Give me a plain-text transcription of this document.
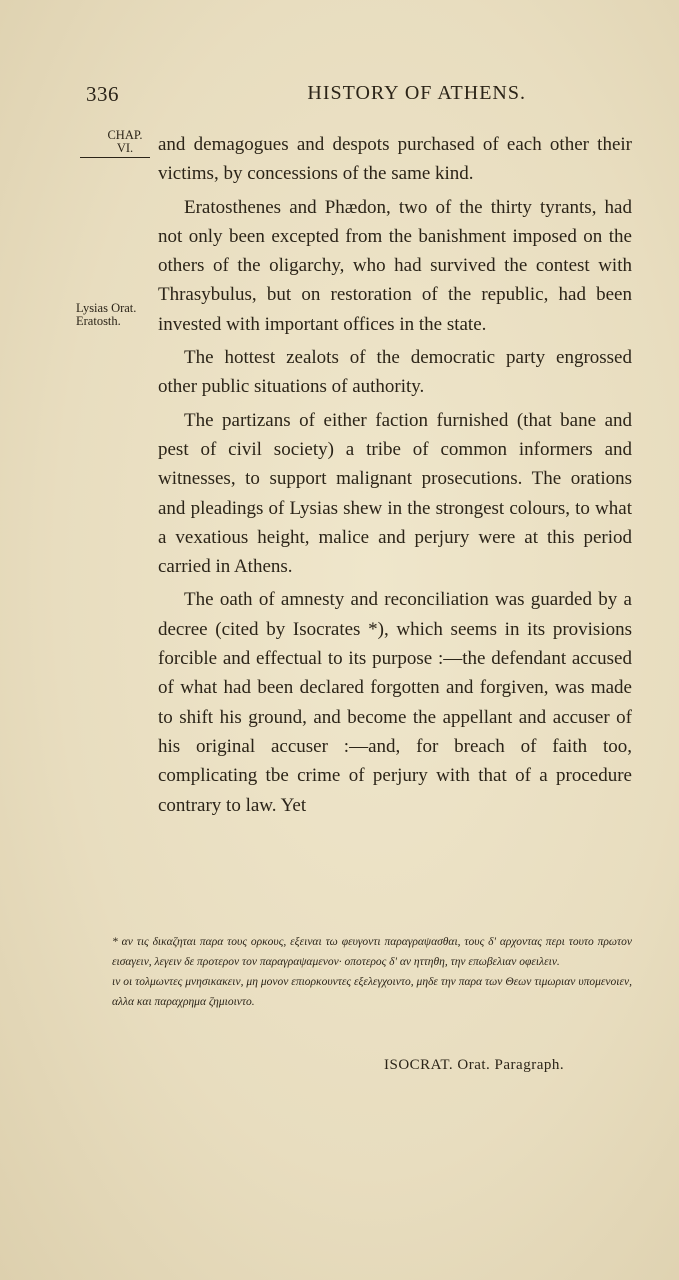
336	HISTORY OF ATHENS.
CHAP.
VI.
Lysias Orat.
Eratosth.

and demagogues and despots purchased of each other their victims, by concessions of the same kind.

Eratosthenes and Phædon, two of the thirty tyrants, had not only been excepted from the banishment imposed on the others of the oligarchy, who had survived the contest with Thrasybulus, but on restoration of the republic, had been invested with important offices in the state.

The hottest zealots of the democratic party engrossed other public situations of authority.

The partizans of either faction furnished (that bane and pest of civil society) a tribe of common informers and witnesses, to support malignant prosecutions. The orations and pleadings of Lysias shew in the strongest colours, to what a vexatious height, malice and perjury were at this period carried in Athens.

The oath of amnesty and reconciliation was guarded by a decree (cited by Isocrates *), which seems in its provisions forcible and effectual to its purpose :—the defendant accused of what had been declared forgotten and forgiven, was made to shift his ground, and become the appellant and accuser of his original accuser :—and, for breach of faith too, complicating tbe crime of perjury with that of a procedure contrary to law. Yet

* αν τις δικαζηται παρα τους ορκους, εξειναι τω φευγοντι παραγραψασθαι, τους δ' αρχοντας περι τουτο πρωτον εισαγειν, λεγειν δε προτερον τον παραγραψαμενον· οποτερος δ' αν ηττηθη, την επωβελιαν οφειλειν.

ιν οι τολμωντες μνησικακειν, μη μονον επιορκουντες εξελεγχοιντο, μηδε την παρα των Θεων τιμωριαν υπομενοιεν, αλλα και παραχρημα ζημιοιντο.

ISOCRAT. Orat. Paragraph.
